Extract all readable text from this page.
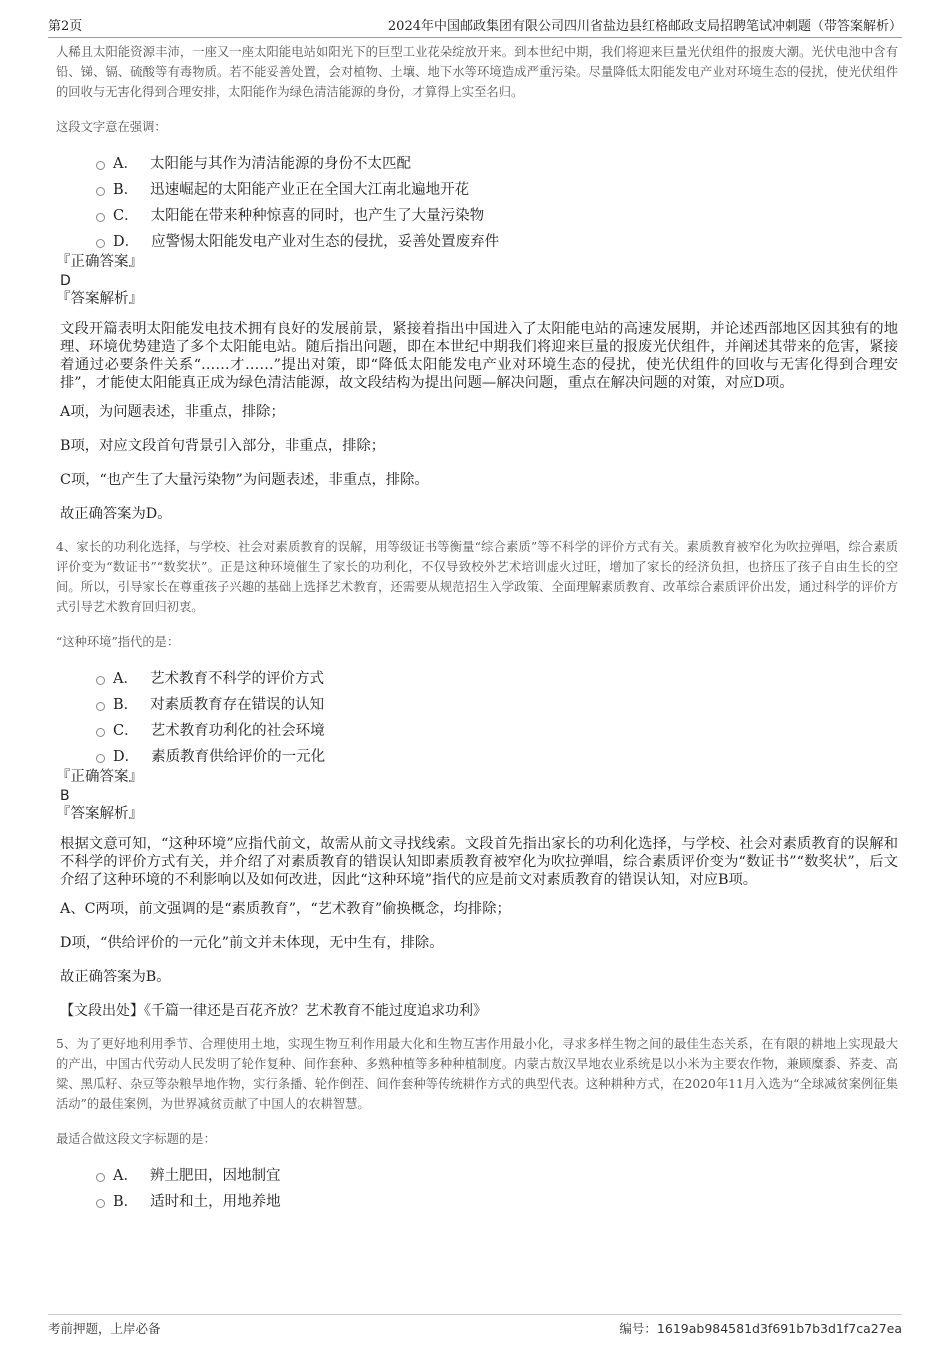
第2页	2024年中国邮政集团有限公司四川省盐边县红格邮政支局招聘笔试冲刺题（带答案解析）

人稀且太阳能资源丰沛，一座又一座太阳能电站如阳光下的巨型工业花朵绽放开来。到本世纪中期，我们将迎来巨量光伏组件的报废大潮。光伏电池中含有铅、锑、镉、硫酸等有毒物质。若不能妥善处置，会对植物、土壤、地下水等环境造成严重污染。尽量降低太阳能发电产业对环境生态的侵扰，使光伏组件的回收与无害化得到合理安排，太阳能作为绿色清洁能源的身份，才算得上实至名归。

这段文字意在强调：

A． 太阳能与其作为清洁能源的身份不太匹配
B． 迅速崛起的太阳能产业正在全国大江南北遍地开花
C． 太阳能在带来种种惊喜的同时，也产生了大量污染物
D． 应警惕太阳能发电产业对生态的侵扰，妥善处置废弃件

『正确答案』

D

『答案解析』

文段开篇表明太阳能发电技术拥有良好的发展前景，紧接着指出中国进入了太阳能电站的高速发展期，并论述西部地区因其独有的地理、环境优势建造了多个太阳能电站。随后指出问题，即在本世纪中期我们将迎来巨量的报废光伏组件，并阐述其带来的危害，紧接着通过必要条件关系“……才……”提出对策，即“降低太阳能发电产业对环境生态的侵扰，使光伏组件的回收与无害化得到合理安排”，才能使太阳能真正成为绿色清洁能源，故文段结构为提出问题—解决问题，重点在解决问题的对策，对应D项。

A项，为问题表述，非重点，排除；

B项，对应文段首句背景引入部分，非重点，排除；

C项，“也产生了大量污染物”为问题表述，非重点，排除。

故正确答案为D。

4、家长的功利化选择，与学校、社会对素质教育的误解，用等级证书等衡量“综合素质”等不科学的评价方式有关。素质教育被窄化为吹拉弹唱，综合素质评价变为“数证书”“数奖状”。正是这种环境催生了家长的功利化，不仅导致校外艺术培训虚火过旺，增加了家长的经济负担，也挤压了孩子自由生长的空间。所以，引导家长在尊重孩子兴趣的基础上选择艺术教育，还需要从规范招生入学政策、全面理解素质教育、改革综合素质评价出发，通过科学的评价方式引导艺术教育回归初衷。

“这种环境”指代的是：

A． 艺术教育不科学的评价方式
B． 对素质教育存在错误的认知
C． 艺术教育功利化的社会环境
D． 素质教育供给评价的一元化

『正确答案』

B

『答案解析』

根据文意可知，“这种环境”应指代前文，故需从前文寻找线索。文段首先指出家长的功利化选择，与学校、社会对素质教育的误解和不科学的评价方式有关，并介绍了对素质教育的错误认知即素质教育被窄化为吹拉弹唱，综合素质评价变为“数证书”“数奖状”，后文介绍了这种环境的不利影响以及如何改进，因此“这种环境”指代的应是前文对素质教育的错误认知，对应B项。

A、C两项，前文强调的是“素质教育”，“艺术教育”偷换概念，均排除；

D项，“供给评价的一元化”前文并未体现，无中生有，排除。

故正确答案为B。

【文段出处】《千篇一律还是百花齐放？艺术教育不能过度追求功利》

5、为了更好地利用季节、合理使用土地，实现生物互利作用最大化和生物互害作用最小化，寻求多样生物之间的最佳生态关系，在有限的耕地上实现最大的产出，中国古代劳动人民发明了轮作复种、间作套种、多熟种植等多种种植制度。内蒙古敖汉旱地农业系统是以小米为主要农作物，兼顾糜黍、荞麦、高粱、黑瓜籽、杂豆等杂粮旱地作物，实行条播、轮作倒茬、间作套种等传统耕作方式的典型代表。这种耕种方式，在2020年11月入选为“全球减贫案例征集活动”的最佳案例，为世界减贫贡献了中国人的农耕智慧。

最适合做这段文字标题的是：

A． 辨土肥田，因地制宜
B． 适时和土，用地养地
考前押题，上岸必备	编号：1619ab984581d3f691b7b3d1f7ca27ea
